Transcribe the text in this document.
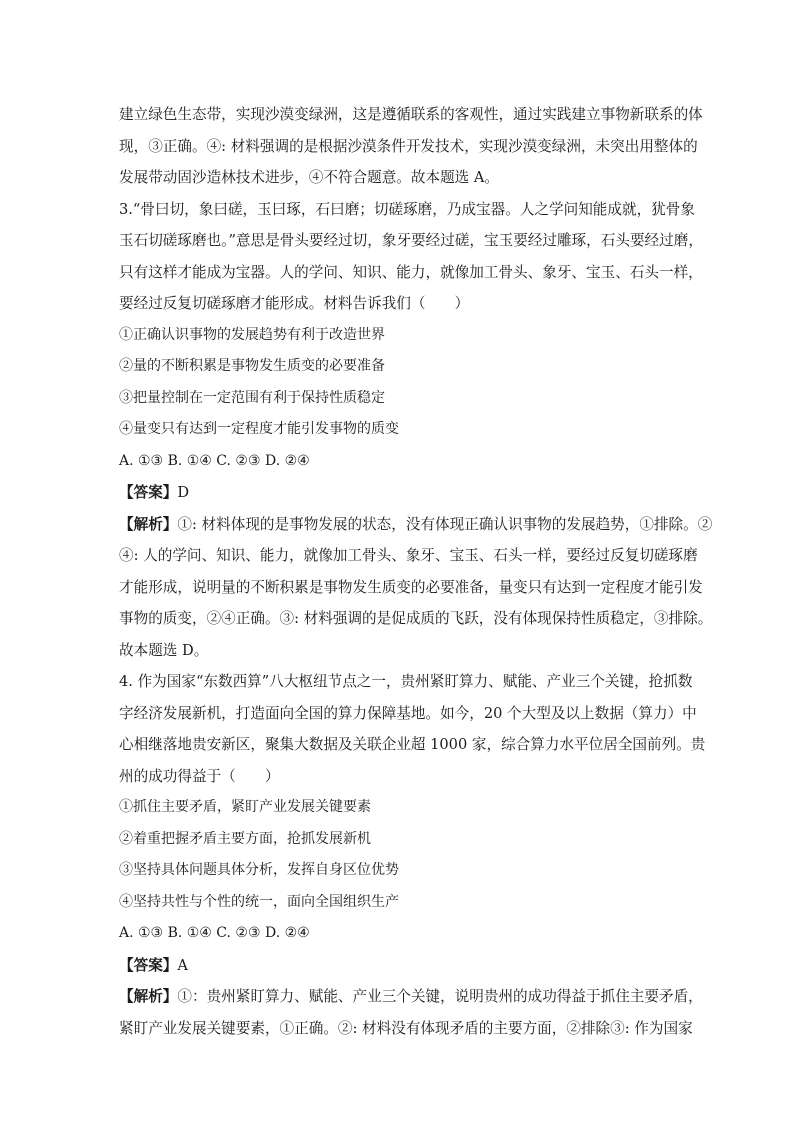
建立绿色生态带，实现沙漠变绿洲，这是遵循联系的客观性，通过实践建立事物新联系的体

现，③正确。④: 材料强调的是根据沙漠条件开发技术，实现沙漠变绿洲，未突出用整体的

发展带动固沙造林技术进步，④不符合题意。故本题选 A。

3.“骨曰切，象曰磋，玉曰琢，石曰磨；切磋琢磨，乃成宝器。人之学问知能成就，犹骨象

玉石切磋琢磨也。”意思是骨头要经过切，象牙要经过磋，宝玉要经过雕琢，石头要经过磨，

只有这样才能成为宝器。人的学问、知识、能力，就像加工骨头、象牙、宝玉、石头一样，

要经过反复切磋琢磨才能形成。材料告诉我们（　　）

①正确认识事物的发展趋势有利于改造世界

②量的不断积累是事物发生质变的必要准备

③把量控制在一定范围有利于保持性质稳定

④量变只有达到一定程度才能引发事物的质变

A. ①③ B. ①④ C. ②③ D. ②④

【答案】D

【解析】①: 材料体现的是事物发展的状态，没有体现正确认识事物的发展趋势，①排除。②

④: 人的学问、知识、能力，就像加工骨头、象牙、宝玉、石头一样，要经过反复切磋琢磨

才能形成，说明量的不断积累是事物发生质变的必要准备，量变只有达到一定程度才能引发

事物的质变，②④正确。③: 材料强调的是促成质的飞跃，没有体现保持性质稳定，③排除。

故本题选 D。

4. 作为国家“东数西算”八大枢纽节点之一，贵州紧盯算力、赋能、产业三个关键，抢抓数

字经济发展新机，打造面向全国的算力保障基地。如今，20 个大型及以上数据（算力）中

心相继落地贵安新区，聚集大数据及关联企业超 1000 家，综合算力水平位居全国前列。贵

州的成功得益于（　　）

①抓住主要矛盾，紧盯产业发展关键要素

②着重把握矛盾主要方面，抢抓发展新机

③坚持具体问题具体分析，发挥自身区位优势

④坚持共性与个性的统一，面向全国组织生产

A. ①③ B. ①④ C. ②③ D. ②④

【答案】A

【解析】①：贵州紧盯算力、赋能、产业三个关键，说明贵州的成功得益于抓住主要矛盾，

紧盯产业发展关键要素，①正确。②: 材料没有体现矛盾的主要方面，②排除③: 作为国家
